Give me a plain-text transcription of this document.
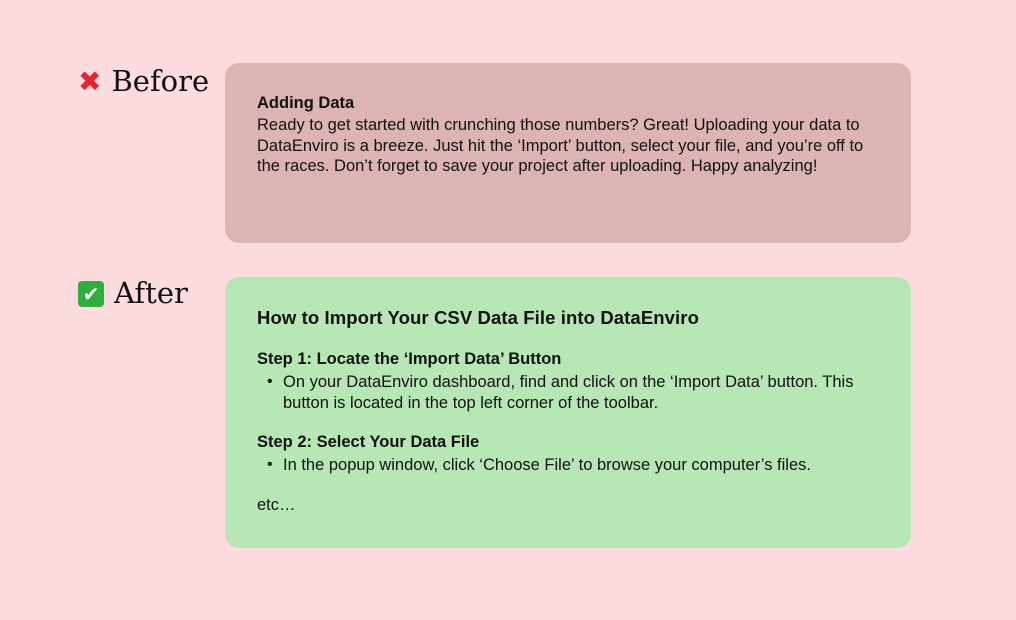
✖ Before
Adding Data

Ready to get started with crunching those numbers? Great! Uploading your data to DataEnviro is a breeze. Just hit the ‘Import’ button, select your file, and you’re off to the races. Don’t forget to save your project after uploading. Happy analyzing!

✔ After
How to Import Your CSV Data File into DataEnviro
Step 1: Locate the ‘Import Data’ Button
• On your DataEnviro dashboard, find and click on the ‘Import Data’ button. This button is located in the top left corner of the toolbar.
Step 2: Select Your Data File
• In the popup window, click ‘Choose File’ to browse your computer’s files.

etc…
